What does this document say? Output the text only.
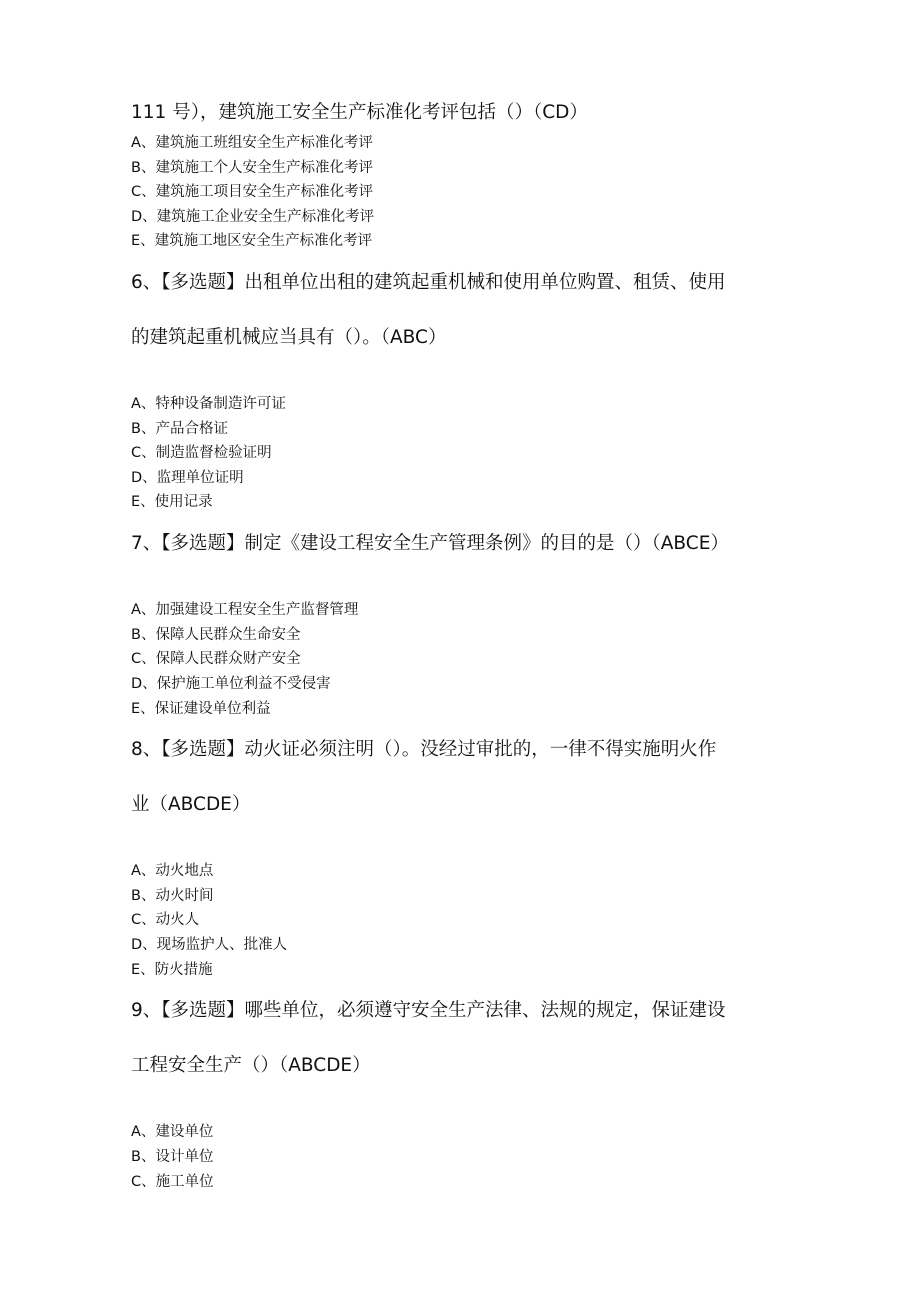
111 号），建筑施工安全生产标准化考评包括（）（CD）
A、建筑施工班组安全生产标准化考评
B、建筑施工个人安全生产标准化考评
C、建筑施工项目安全生产标准化考评
D、建筑施工企业安全生产标准化考评
E、建筑施工地区安全生产标准化考评
6、【多选题】出租单位出租的建筑起重机械和使用单位购置、租赁、使用
的建筑起重机械应当具有（）。（ABC）
A、特种设备制造许可证
B、产品合格证
C、制造监督检验证明
D、监理单位证明
E、使用记录
7、【多选题】制定《建设工程安全生产管理条例》的目的是（）（ABCE）
A、加强建设工程安全生产监督管理
B、保障人民群众生命安全
C、保障人民群众财产安全
D、保护施工单位利益不受侵害
E、保证建设单位利益
8、【多选题】动火证必须注明（）。没经过审批的，一律不得实施明火作
业（ABCDE）
A、动火地点
B、动火时间
C、动火人
D、现场监护人、批准人
E、防火措施
9、【多选题】哪些单位，必须遵守安全生产法律、法规的规定，保证建设
工程安全生产（）（ABCDE）
A、建设单位
B、设计单位
C、施工单位
